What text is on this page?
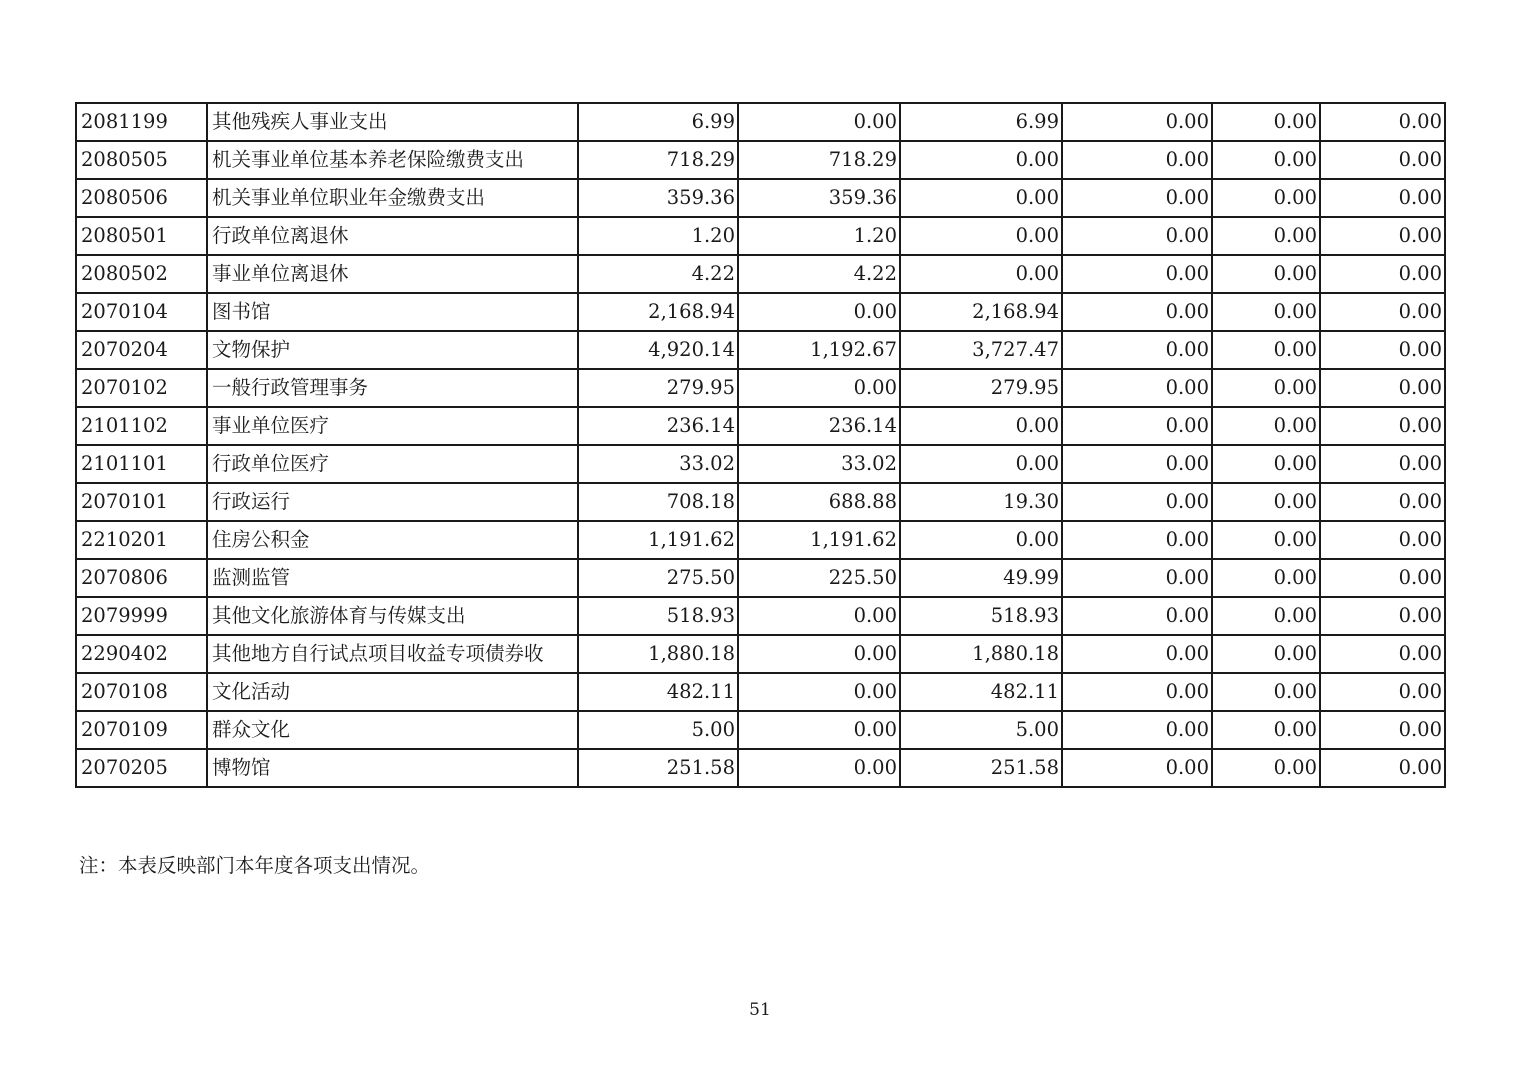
2081199	其他残疾人事业支出	6.99	0.00	6.99	0.00	0.00	0.00
2080505	机关事业单位基本养老保险缴费支出	718.29	718.29	0.00	0.00	0.00	0.00
2080506	机关事业单位职业年金缴费支出	359.36	359.36	0.00	0.00	0.00	0.00
2080501	行政单位离退休	1.20	1.20	0.00	0.00	0.00	0.00
2080502	事业单位离退休	4.22	4.22	0.00	0.00	0.00	0.00
2070104	图书馆	2,168.94	0.00	2,168.94	0.00	0.00	0.00
2070204	文物保护	4,920.14	1,192.67	3,727.47	0.00	0.00	0.00
2070102	一般行政管理事务	279.95	0.00	279.95	0.00	0.00	0.00
2101102	事业单位医疗	236.14	236.14	0.00	0.00	0.00	0.00
2101101	行政单位医疗	33.02	33.02	0.00	0.00	0.00	0.00
2070101	行政运行	708.18	688.88	19.30	0.00	0.00	0.00
2210201	住房公积金	1,191.62	1,191.62	0.00	0.00	0.00	0.00
2070806	监测监管	275.50	225.50	49.99	0.00	0.00	0.00
2079999	其他文化旅游体育与传媒支出	518.93	0.00	518.93	0.00	0.00	0.00
2290402	其他地方自行试点项目收益专项债券收	1,880.18	0.00	1,880.18	0.00	0.00	0.00
2070108	文化活动	482.11	0.00	482.11	0.00	0.00	0.00
2070109	群众文化	5.00	0.00	5.00	0.00	0.00	0.00
2070205	博物馆	251.58	0.00	251.58	0.00	0.00	0.00
注：本表反映部门本年度各项支出情况。
51
